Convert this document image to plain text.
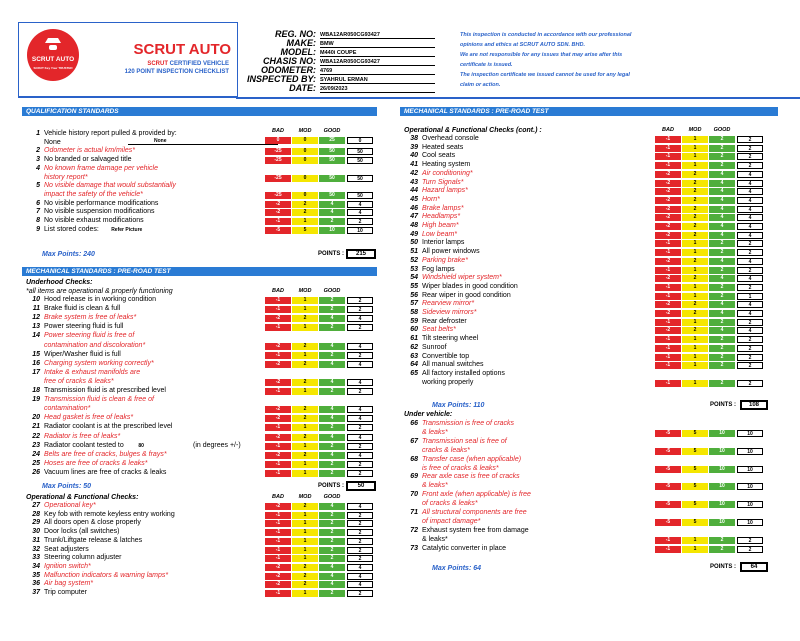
SCRUT AUTO
SCRUT Key Your TRUSTED
SCRUT AUTO
SCRUT CERTIFIED VEHICLE
120 POINT INSPECTION CHECKLIST
REG. NO: WBA12AR050CG93427
MAKE: BMW
MODEL: M440i COUPE
CHASIS NO: WBA12AR050CG93427
ODOMETER: 4769
INSPECTED BY: SYAHRUL ERMAN
DATE: 26/09/2023
This inspection is conducted in accordance with our professional
opinions and ethics at SCRUT AUTO SDN. BHD.
We are not responsible for any issues that may arise after this
certificate is issued.
The inspection certificate we issued cannot be used for any legal
claim or action.
QUALIFICATION STANDARDS	MECHANICAL STANDARDS : PRE-ROAD TEST
MECHANICAL STANDARDS : PRE-ROAD TEST
BAD	MOD	GOOD
1 Vehicle history report pulled & provided by:
None	None	0	0	25	0
2 Odometer is actual km/miles*	-25	0	50	50
3 No branded or salvaged title	-25	0	50	50
4 No known frame damage per vehicle
history report*	-25	0	50	50
5 No visible damage that would substantially
impact the safety of the vehicle*	-25	0	50	50
6 No visible performance modifications	-2	2	4	4
7 No visible suspension modifications	-2	2	4	4
8 No visible exhaust modifications	-1	1	2	2
9 List stored codes: Refer Picture	-5	5	10	10
Max Points: 240	POINTS :	215
Underhood Checks:
*all items are operational & properly functioning	BAD	MOD	GOOD
10 Hood release is in working condition	-1	1	2	2
11 Brake fluid is clean & full	-1	1	2	2
12 Brake system is free of leaks*	-2	2	4	4
13 Power steering fluid is full	-1	1	2	2
14 Power steering fluid is free of
contamination and discoloration*	-2	2	4	4
15 Wiper/Washer fluid is full	-1	1	2	2
16 Charging system working correctly*	-2	2	4	4
17 Intake & exhaust manifolds are
free of cracks & leaks*	-2	2	4	4
18 Transmission fluid is at prescribed level	-1	1	2	2
19 Transmission fluid is clean & free of
contamination*	-2	2	4	4
20 Head gasket is free of leaks*	-2	2	4	4
21 Radiator coolant is at the prescribed level	-1	1	2	2
22 Radiator is free of leaks*	-2	2	4	4
23 Radiator coolant tested to	80	(in degrees +/-)	-1	1	2	2
24 Belts are free of cracks, bulges & frays*	-2	2	4	4
25 Hoses are free of cracks & leaks*	-1	1	2	2
26 Vacuum lines are free of cracks & leaks	-1	1	2	2
Max Points: 50	POINTS :	50
Operational & Functional Checks:	BAD	MOD	GOOD
27 Operational key*	-2	2	4	4
28 Key fob with remote keyless entry working	-1	1	2	2
29 All doors open & close properly	-1	1	2	2
30 Door locks (all switches)	-1	1	2	2
31 Trunk/Liftgate release & latches	-1	1	2	2
32 Seat adjusters	-1	1	2	2
33 Steering column adjuster	-1	1	2	2
34 Ignition switch*	-2	2	4	4
35 Malfunction indicators & warning lamps*	-2	2	4	4
36 Air bag system*	-2	2	4	4
37 Trip computer	-1	1	2	2
Operational & Functional Checks (cont.) :	BAD	MOD	GOOD
38 Overhead console	-1	1	2	2
39 Heated seats	-1	1	2	2
40 Cool seats	-1	1	2	2
41 Heating system	-1	1	2	2
42 Air conditioning*	-2	2	4	4
43 Turn Signals*	-2	2	4	4
44 Hazard lamps*	-2	2	4	4
45 Horn*	-2	2	4	4
46 Brake lamps*	-2	2	4	4
47 Headlamps*	-2	2	4	4
48 High beam*	-2	2	4	4
49 Low beam*	-2	2	4	4
50 Interior lamps	-1	1	2	2
51 All power windows	-1	1	2	2
52 Parking brake*	-2	2	4	4
53 Fog lamps	-1	1	2	2
54 Windshield wiper system*	-2	2	4	4
55 Wiper blades in good condition	-1	1	2	2
56 Rear wiper in good condition	-1	1	2	1
57 Rearview mirror*	-2	2	4	4
58 Sideview mirrors*	-2	2	4	4
59 Rear defroster	-1	1	2	2
60 Seat belts*	-2	2	4	4
61 Tilt steering wheel	-1	1	2	2
62 Sunroof	-1	1	2	2
63 Convertible top	-1	1	2	2
64 All manual switches	-1	1	2	2
65 All factory installed options
working properly	-1	1	2	2
Max Points: 110	POINTS :	108
Under vehicle:
66 Transmission is free of cracks
& leaks*	-5	5	10	10
67 Transmission seal is free of
cracks & leaks*	-5	5	10	10
68 Transfer case (when applicable)
is free of cracks & leaks*	-5	5	10	10
69 Rear axle case is free of cracks
& leaks*	-5	5	10	10
70 Front axle (when applicable) is free
of cracks & leaks*	-5	5	10	10
71 All structural components are free
of impact damage*	-5	5	10	10
72 Exhaust system free from damage
& leaks*	-1	1	2	2
73 Catalytic converter in place	-1	1	2	2
Max Points: 64	POINTS :	64
